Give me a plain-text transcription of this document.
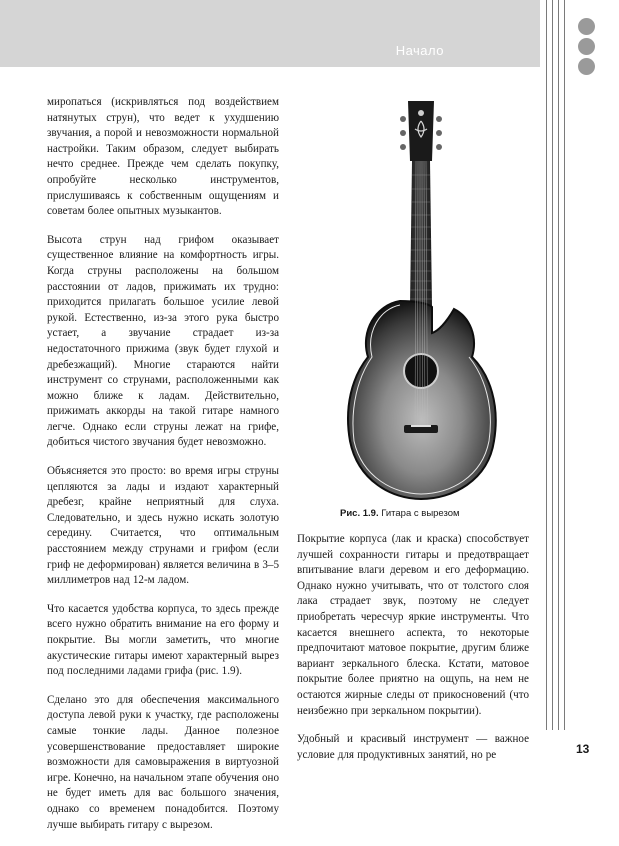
Начало

миропаться (искривляться под воздействием натянутых струн), что ведет к ухудшению звучания, а порой и невозможности нормальной настройки. Таким образом, следует выбирать нечто среднее. Прежде чем сделать покупку, опробуйте несколько инструментов, прислушиваясь к собственным ощущениям и советам более опытных музыкантов.

Высота струн над грифом оказывает существенное влияние на комфортность игры. Когда струны расположены на большом расстоянии от ладов, прижимать их трудно: приходится прилагать большое усилие левой рукой. Естественно, из-за этого рука быстро устает, а звучание страдает из-за недостаточного прижима (звук будет глухой и дребезжащий). Многие стараются найти инструмент со струнами, расположенными как можно ближе к ладам. Действительно, прижимать аккорды на такой гитаре намного легче. Однако если струны лежат на грифе, добиться чистого звучания будет невозможно.

Объясняется это просто: во время игры струны цепляются за лады и издают характерный дребезг, крайне неприятный для слуха. Следовательно, и здесь нужно искать золотую середину. Считается, что оптимальным расстоянием между струнами и грифом (если гриф не деформирован) является величина в 3–5 миллиметров над 12-м ладом.

Что касается удобства корпуса, то здесь прежде всего нужно обратить внимание на его форму и покрытие. Вы могли заметить, что многие акустические гитары имеют характерный вырез под последними ладами грифа (рис. 1.9).

Сделано это для обеспечения максимального доступа левой руки к участку, где расположены самые тонкие лады. Данное полезное усовершенствование предоставляет широкие возможности для самовыражения в виртуозной игре. Конечно, на начальном этапе обучения оно не будет иметь для вас большого значения, однако со временем понадобится. Поэтому лучше выбирать гитару с вырезом.

Рис. 1.9. Гитара с вырезом

Покрытие корпуса (лак и краска) способствует лучшей сохранности гитары и предотвращает впитывание влаги деревом и его деформацию. Однако нужно учитывать, что от толстого слоя лака страдает звук, поэтому не следует приобретать чересчур яркие инструменты. Что касается внешнего аспекта, то некоторые предпочитают матовое покрытие, другим ближе вариант зеркального блеска. Кстати, матовое покрытие более приятно на ощупь, на нем не остаются жирные следы от прикосновений (что неизбежно при зеркальном покрытии).

Удобный и красивый инструмент — важное условие для продуктивных занятий, но ре	13
